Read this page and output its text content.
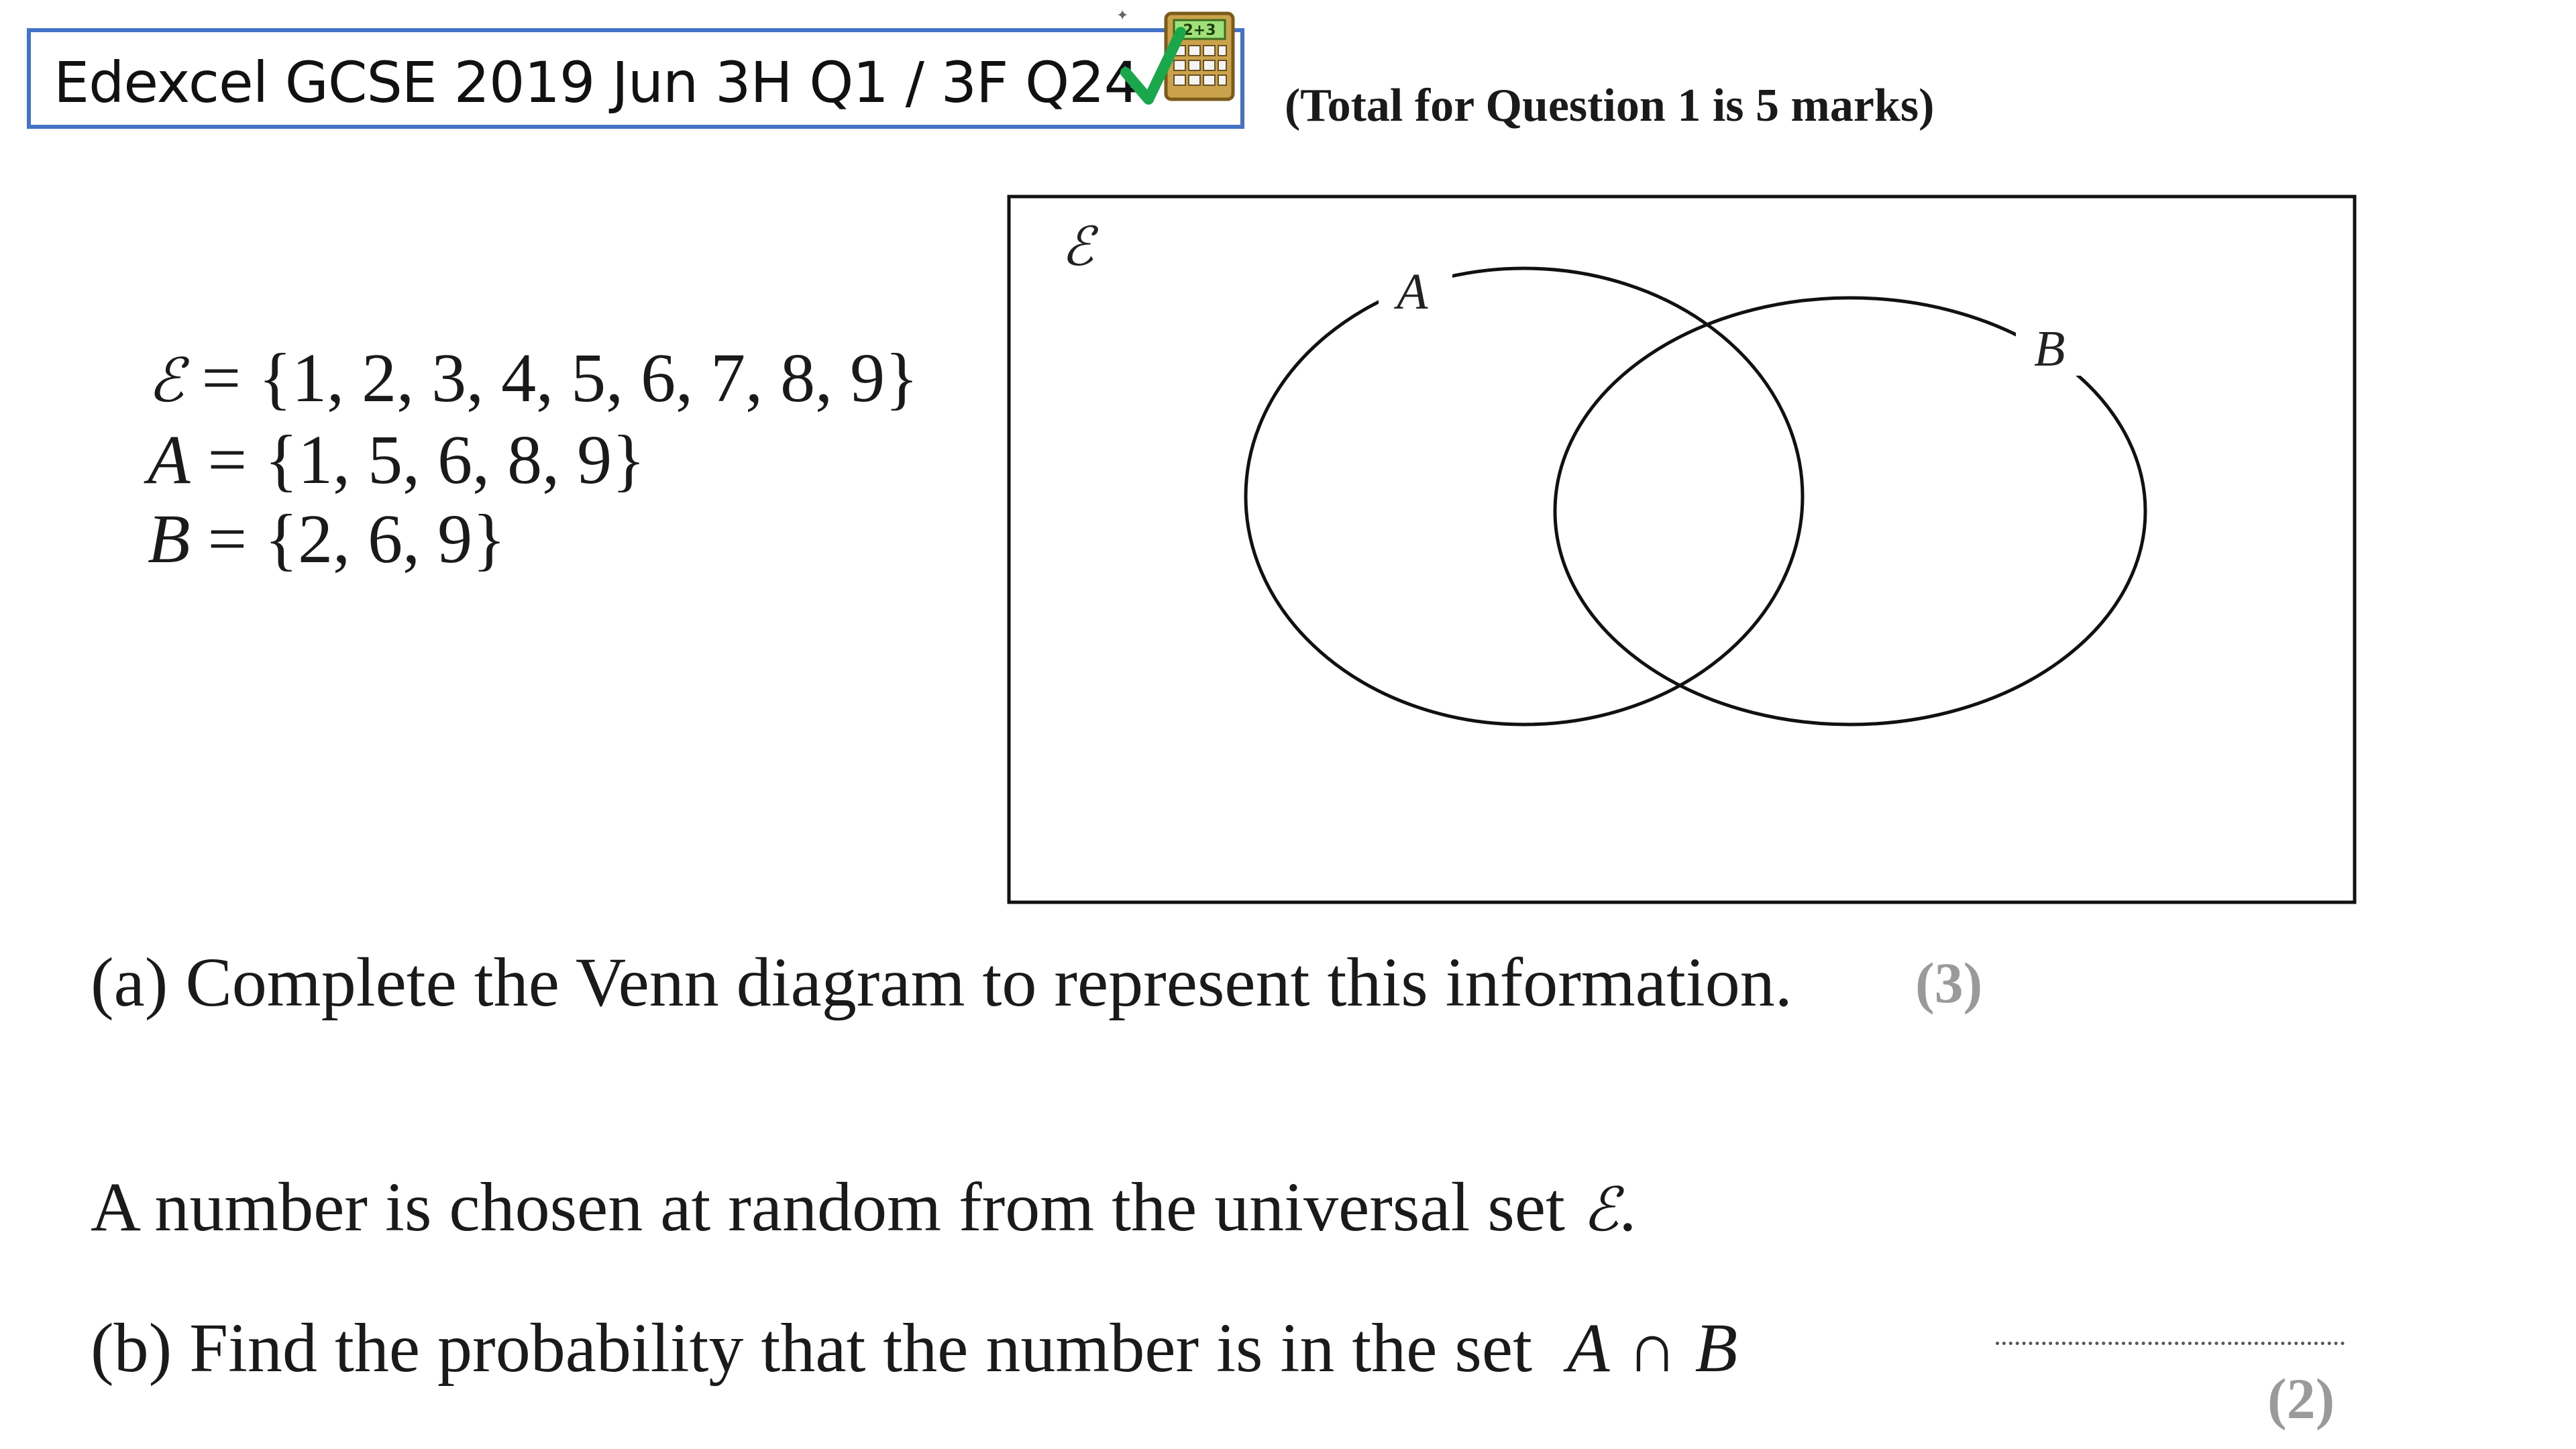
Edexcel GCSE 2019 Jun 3H Q1 / 3F Q24
✦
2+3
(Total for Question 1 is 5 marks)
ℰ
A
B
ℰ = {1, 2, 3, 4, 5, 6, 7, 8, 9}
A = {1, 5, 6, 8, 9}
B = {2, 6, 9}
(a) Complete the Venn diagram to represent this information. (3)
A number is chosen at random from the universal set ℰ.
(b) Find the probability that the number is in the set A ∩ B
(2)
